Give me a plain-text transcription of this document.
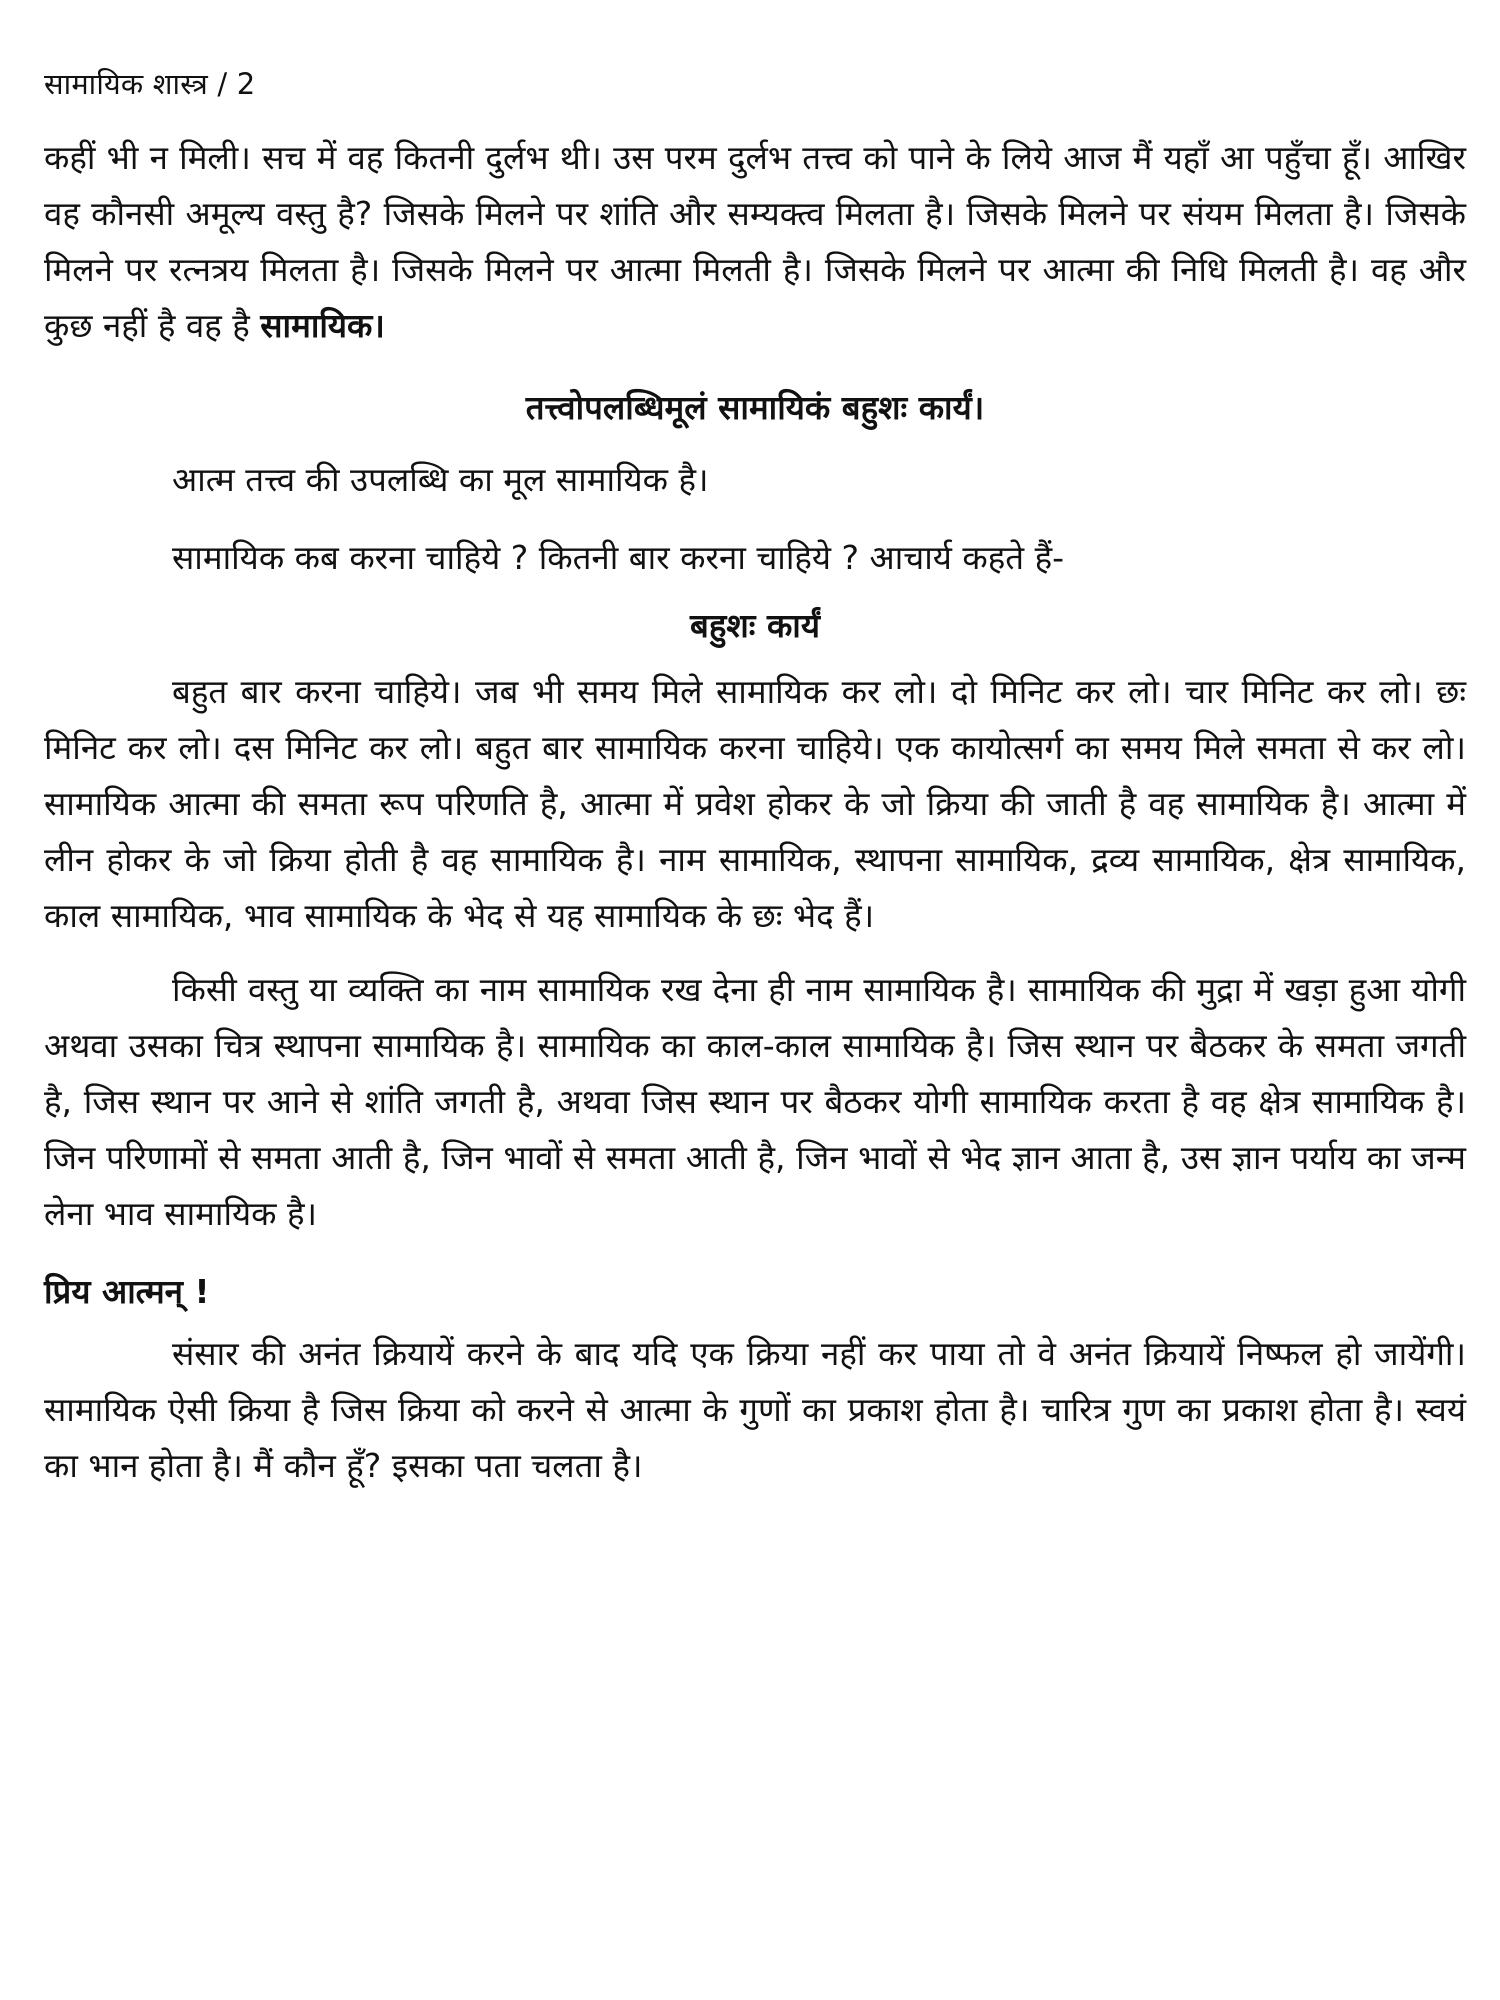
सामायिक शास्त्र / 2

कहीं भी न मिली। सच में वह कितनी दुर्लभ थी। उस परम दुर्लभ तत्त्व को पाने के लिये आज मैं यहाँ आ पहुँचा हूँ। आखिर वह कौनसी अमूल्य वस्तु है? जिसके मिलने पर शांति और सम्यक्त्व मिलता है। जिसके मिलने पर संयम मिलता है। जिसके मिलने पर रत्नत्रय मिलता है। जिसके मिलने पर आत्मा मिलती है। जिसके मिलने पर आत्मा की निधि मिलती है। वह और कुछ नहीं है वह है सामायिक।

तत्त्वोपलब्धिमूलं सामायिकं बहुशः कार्यं।

आत्म तत्त्व की उपलब्धि का मूल सामायिक है।

सामायिक कब करना चाहिये ? कितनी बार करना चाहिये ? आचार्य कहते हैं-

बहुशः कार्यं

बहुत बार करना चाहिये। जब भी समय मिले सामायिक कर लो। दो मिनिट कर लो। चार मिनिट कर लो। छः मिनिट कर लो। दस मिनिट कर लो। बहुत बार सामायिक करना चाहिये। एक कायोत्सर्ग का समय मिले समता से कर लो। सामायिक आत्मा की समता रूप परिणति है, आत्मा में प्रवेश होकर के जो क्रिया की जाती है वह सामायिक है। आत्मा में लीन होकर के जो क्रिया होती है वह सामायिक है। नाम सामायिक, स्थापना सामायिक, द्रव्य सामायिक, क्षेत्र सामायिक, काल सामायिक, भाव सामायिक के भेद से यह सामायिक के छः भेद हैं।

किसी वस्तु या व्यक्ति का नाम सामायिक रख देना ही नाम सामायिक है। सामायिक की मुद्रा में खड़ा हुआ योगी अथवा उसका चित्र स्थापना सामायिक है। सामायिक का काल-काल सामायिक है। जिस स्थान पर बैठकर के समता जगती है, जिस स्थान पर आने से शांति जगती है, अथवा जिस स्थान पर बैठकर योगी सामायिक करता है वह क्षेत्र सामायिक है। जिन परिणामों से समता आती है, जिन भावों से समता आती है, जिन भावों से भेद ज्ञान आता है, उस ज्ञान पर्याय का जन्म लेना भाव सामायिक है।

प्रिय आत्मन् !

संसार की अनंत क्रियायें करने के बाद यदि एक क्रिया नहीं कर पाया तो वे अनंत क्रियायें निष्फल हो जायेंगी। सामायिक ऐसी क्रिया है जिस क्रिया को करने से आत्मा के गुणों का प्रकाश होता है। चारित्र गुण का प्रकाश होता है। स्वयं का भान होता है। मैं कौन हूँ? इसका पता चलता है।
